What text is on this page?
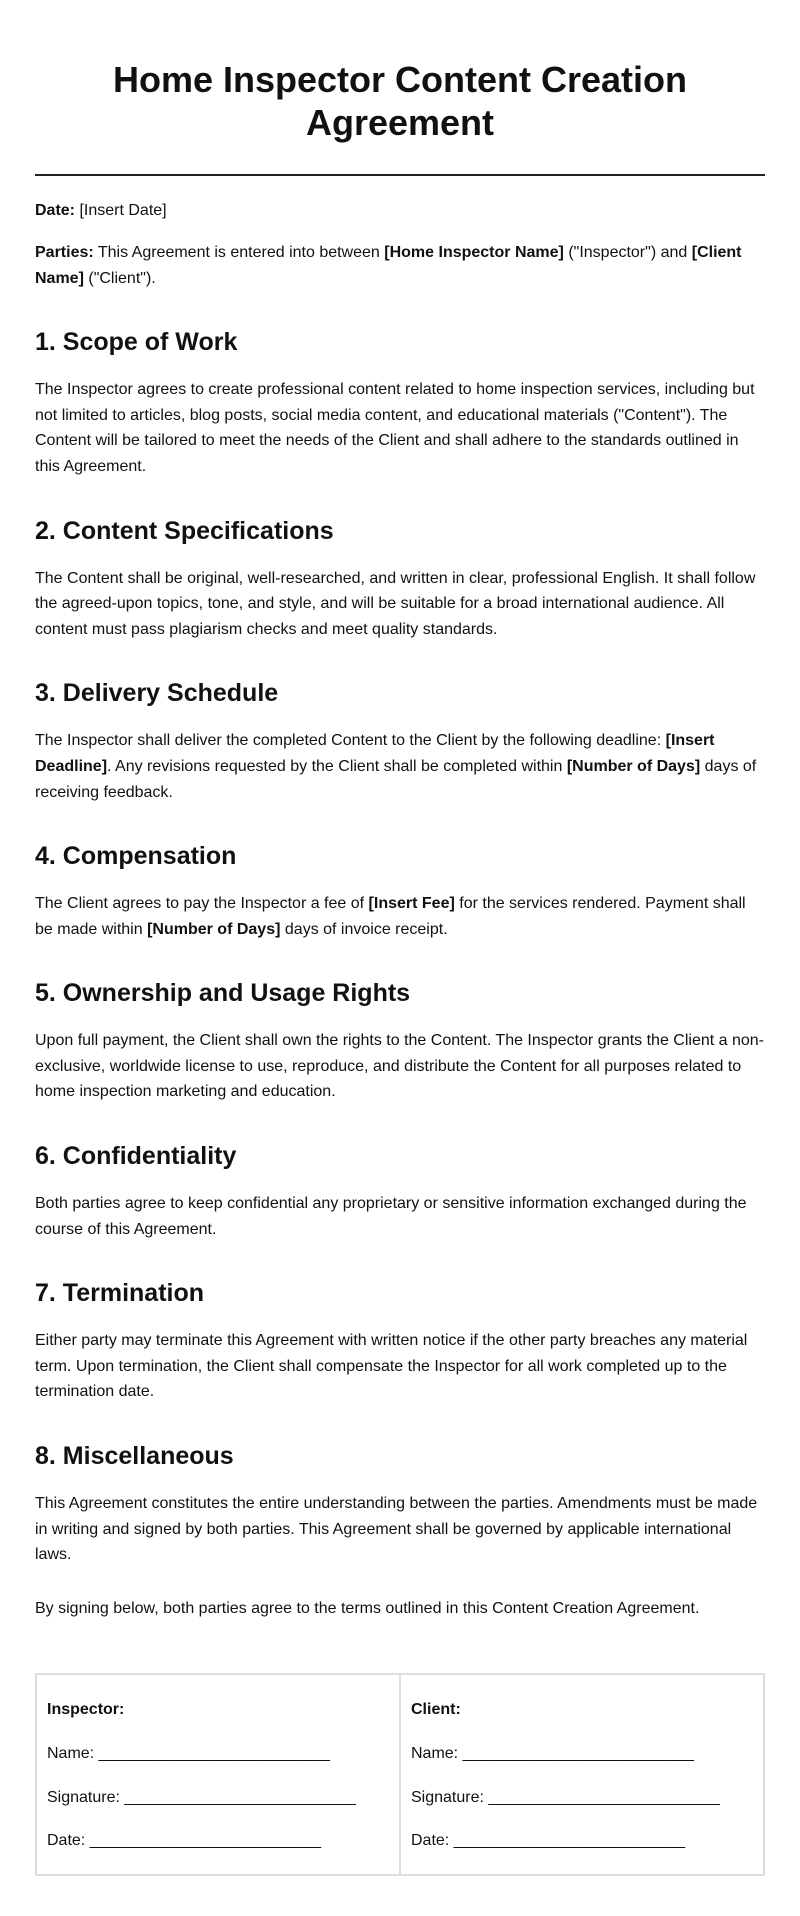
Home Inspector Content Creation Agreement

Date: [Insert Date]

Parties: This Agreement is entered into between [Home Inspector Name] ("Inspector") and [Client Name] ("Client").

1. Scope of Work

The Inspector agrees to create professional content related to home inspection services, including but not limited to articles, blog posts, social media content, and educational materials ("Content"). The Content will be tailored to meet the needs of the Client and shall adhere to the standards outlined in this Agreement.

2. Content Specifications

The Content shall be original, well-researched, and written in clear, professional English. It shall follow the agreed-upon topics, tone, and style, and will be suitable for a broad international audience. All content must pass plagiarism checks and meet quality standards.

3. Delivery Schedule

The Inspector shall deliver the completed Content to the Client by the following deadline: [Insert Deadline]. Any revisions requested by the Client shall be completed within [Number of Days] days of receiving feedback.

4. Compensation

The Client agrees to pay the Inspector a fee of [Insert Fee] for the services rendered. Payment shall be made within [Number of Days] days of invoice receipt.

5. Ownership and Usage Rights

Upon full payment, the Client shall own the rights to the Content. The Inspector grants the Client a non-exclusive, worldwide license to use, reproduce, and distribute the Content for all purposes related to home inspection marketing and education.

6. Confidentiality

Both parties agree to keep confidential any proprietary or sensitive information exchanged during the course of this Agreement.

7. Termination

Either party may terminate this Agreement with written notice if the other party breaches any material term. Upon termination, the Client shall compensate the Inspector for all work completed up to the termination date.

8. Miscellaneous

This Agreement constitutes the entire understanding between the parties. Amendments must be made in writing and signed by both parties. This Agreement shall be governed by applicable international laws.

By signing below, both parties agree to the terms outlined in this Content Creation Agreement.

Inspector:
Name: __________________________
Signature: __________________________
Date: __________________________

Client:
Name: __________________________
Signature: __________________________
Date: __________________________
